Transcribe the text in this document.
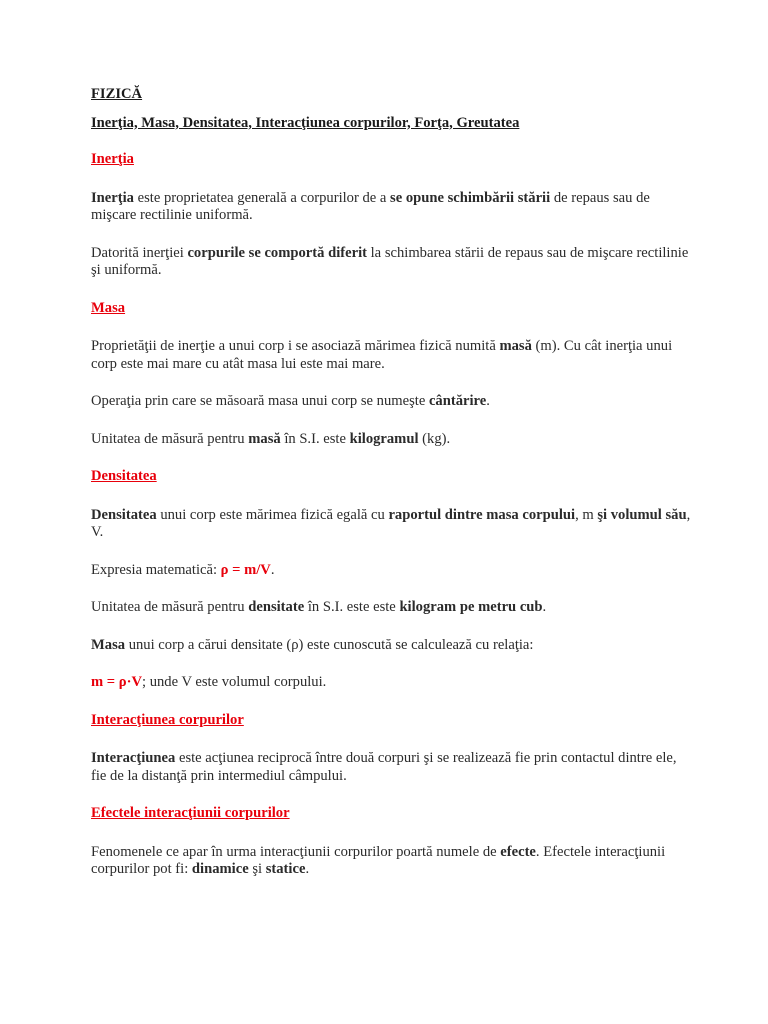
FIZICĂ
Inerţia, Masa, Densitatea, Interacţiunea corpurilor, Forţa, Greutatea
Inerţia

Inerţia este proprietatea generală a corpurilor de a se opune schimbării stării de repaus sau de mişcare rectilinie uniformă.

Datorită inerţiei corpurile se comportă diferit la schimbarea stării de repaus sau de mişcare rectilinie şi uniformă.

Masa

Proprietăţii de inerţie a unui corp i se asociază mărimea fizică numită masă (m). Cu cât inerţia unui corp este mai mare cu atât masa lui este mai mare.

Operaţia prin care se măsoară masa unui corp se numeşte cântărire.

Unitatea de măsură pentru masă în S.I. este kilogramul (kg).

Densitatea

Densitatea unui corp este mărimea fizică egală cu raportul dintre masa corpului, m şi volumul său, V.

Expresia matematică: ρ = m/V.

Unitatea de măsură pentru densitate în S.I. este este kilogram pe metru cub.

Masa unui corp a cărui densitate (ρ) este cunoscută se calculează cu relaţia:

m = ρ·V; unde V este volumul corpului.

Interacţiunea corpurilor

Interacţiunea este acţiunea reciprocă între două corpuri şi se realizează fie prin contactul dintre ele, fie de la distanţă prin intermediul câmpului.

Efectele interacţiunii corpurilor

Fenomenele ce apar în urma interacţiunii corpurilor poartă numele de efecte. Efectele interacţiunii corpurilor pot fi: dinamice şi statice.
